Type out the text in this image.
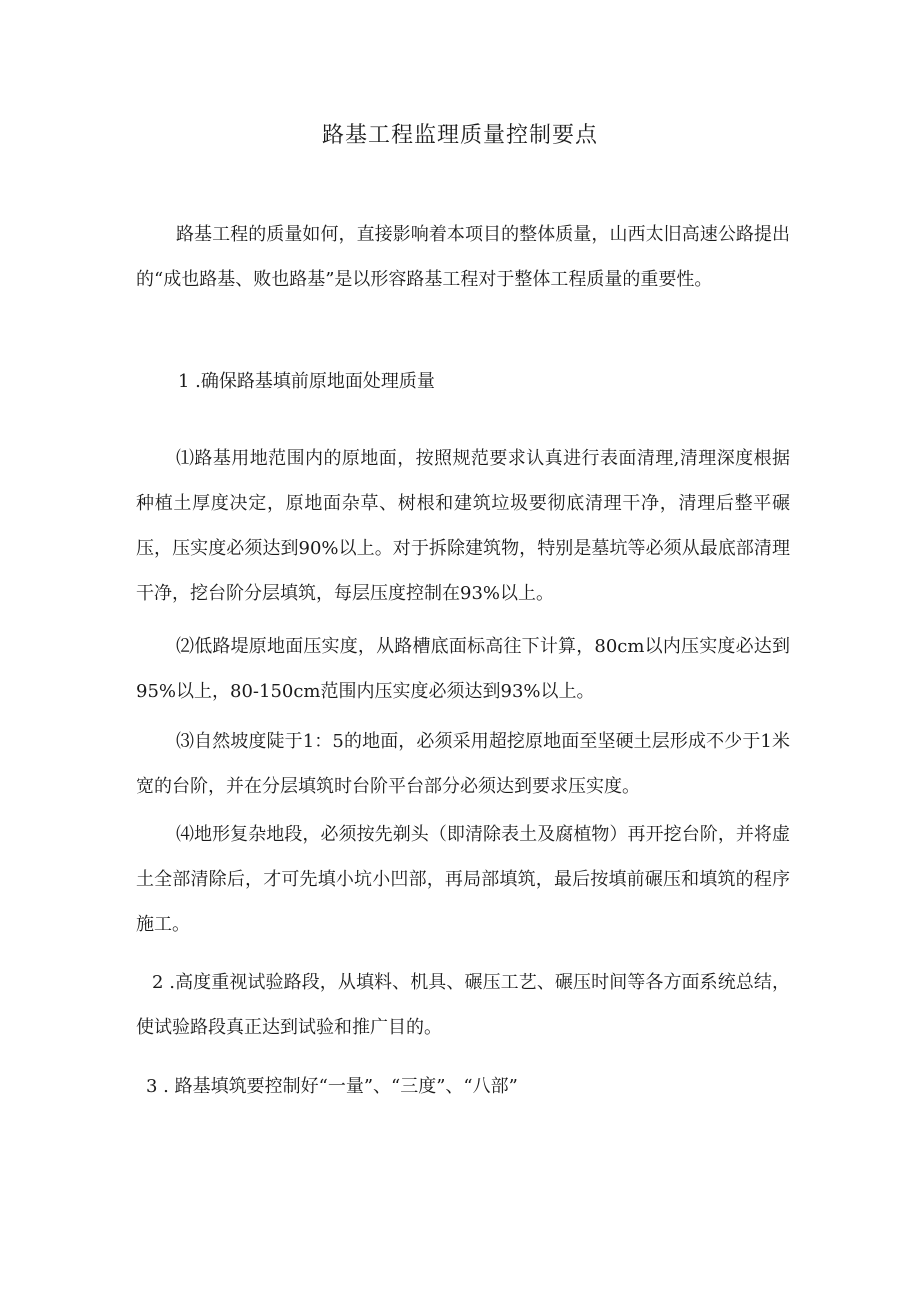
路基工程监理质量控制要点
路基工程的质量如何，直接影响着本项目的整体质量，山西太旧高速公路提出的“成也路基、败也路基”是以形容路基工程对于整体工程质量的重要性。
1 .确保路基填前原地面处理质量
⑴路基用地范围内的原地面，按照规范要求认真进行表面清理,清理深度根据种植土厚度决定，原地面杂草、树根和建筑垃圾要彻底清理干净，清理后整平碾压，压实度必须达到90%以上。对于拆除建筑物，特别是墓坑等必须从最底部清理干净，挖台阶分层填筑，每层压度控制在93%以上。
⑵低路堤原地面压实度，从路槽底面标高往下计算，80cm以内压实度必达到95%以上，80-150cm范围内压实度必须达到93%以上。
⑶自然坡度陡于1：5的地面，必须采用超挖原地面至坚硬土层形成不少于1米宽的台阶，并在分层填筑时台阶平台部分必须达到要求压实度。
⑷地形复杂地段，必须按先剃头（即清除表土及腐植物）再开挖台阶，并将虚土全部清除后，才可先填小坑小凹部，再局部填筑，最后按填前碾压和填筑的程序施工。
2 .高度重视试验路段，从填料、机具、碾压工艺、碾压时间等各方面系统总结，使试验路段真正达到试验和推广目的。
3 . 路基填筑要控制好“一量”、“三度”、“八部”
